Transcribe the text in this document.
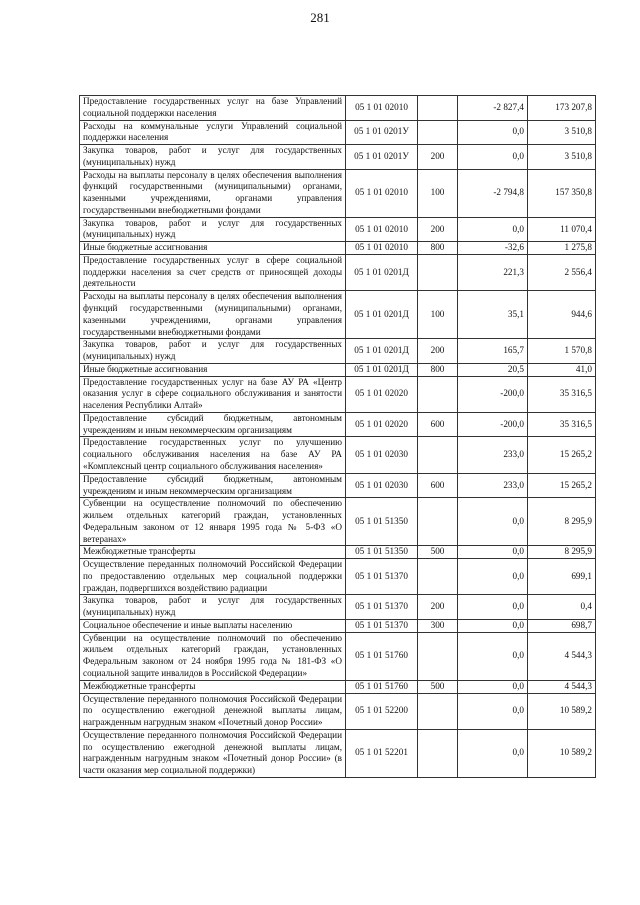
281
Предоставление государственных услуг на базе Управлений социальной поддержки населения	05 1 01 02010		-2 827,4	173 207,8
Расходы на коммунальные услуги Управлений социальной поддержки населения	05 1 01 0201У		0,0	3 510,8
Закупка товаров, работ и услуг для государственных (муниципальных) нужд	05 1 01 0201У	200	0,0	3 510,8
Расходы на выплаты персоналу в целях обеспечения выполнения функций государственными (муниципальными) органами, казенными учреждениями, органами управления государственными внебюджетными фондами	05 1 01 02010	100	-2 794,8	157 350,8
Закупка товаров, работ и услуг для государственных (муниципальных) нужд	05 1 01 02010	200	0,0	11 070,4
Иные бюджетные ассигнования	05 1 01 02010	800	-32,6	1 275,8
Предоставление государственных услуг в сфере социальной поддержки населения за счет средств от приносящей доходы деятельности	05 1 01 0201Д		221,3	2 556,4
Расходы на выплаты персоналу в целях обеспечения выполнения функций государственными (муниципальными) органами, казенными учреждениями, органами управления государственными внебюджетными фондами	05 1 01 0201Д	100	35,1	944,6
Закупка товаров, работ и услуг для государственных (муниципальных) нужд	05 1 01 0201Д	200	165,7	1 570,8
Иные бюджетные ассигнования	05 1 01 0201Д	800	20,5	41,0
Предоставление государственных услуг на базе АУ РА «Центр оказания услуг в сфере социального обслуживания и занятости населения Республики Алтай»	05 1 01 02020		-200,0	35 316,5
Предоставление субсидий бюджетным, автономным учреждениям и иным некоммерческим организациям	05 1 01 02020	600	-200,0	35 316,5
Предоставление государственных услуг по улучшению социального обслуживания населения на базе АУ РА «Комплексный центр социального обслуживания населения»	05 1 01 02030		233,0	15 265,2
Предоставление субсидий бюджетным, автономным учреждениям и иным некоммерческим организациям	05 1 01 02030	600	233,0	15 265,2
Субвенции на осуществление полномочий по обеспечению жильем отдельных категорий граждан, установленных Федеральным законом от 12 января 1995 года № 5-ФЗ «О ветеранах»	05 1 01 51350		0,0	8 295,9
Межбюджетные трансферты	05 1 01 51350	500	0,0	8 295,9
Осуществление переданных полномочий Российской Федерации по предоставлению отдельных мер социальной поддержки граждан, подвергшихся воздействию радиации	05 1 01 51370		0,0	699,1
Закупка товаров, работ и услуг для государственных (муниципальных) нужд	05 1 01 51370	200	0,0	0,4
Социальное обеспечение и иные выплаты населению	05 1 01 51370	300	0,0	698,7
Субвенции на осуществление полномочий по обеспечению жильем отдельных категорий граждан, установленных Федеральным законом от 24 ноября 1995 года № 181-ФЗ «О социальной защите инвалидов в Российской Федерации»	05 1 01 51760		0,0	4 544,3
Межбюджетные трансферты	05 1 01 51760	500	0,0	4 544,3
Осуществление переданного полномочия Российской Федерации по осуществлению ежегодной денежной выплаты лицам, награжденным нагрудным знаком «Почетный донор России»	05 1 01 52200		0,0	10 589,2
Осуществление переданного полномочия Российской Федерации по осуществлению ежегодной денежной выплаты лицам, награжденным нагрудным знаком «Почетный донор России» (в части оказания мер социальной поддержки)	05 1 01 52201		0,0	10 589,2
